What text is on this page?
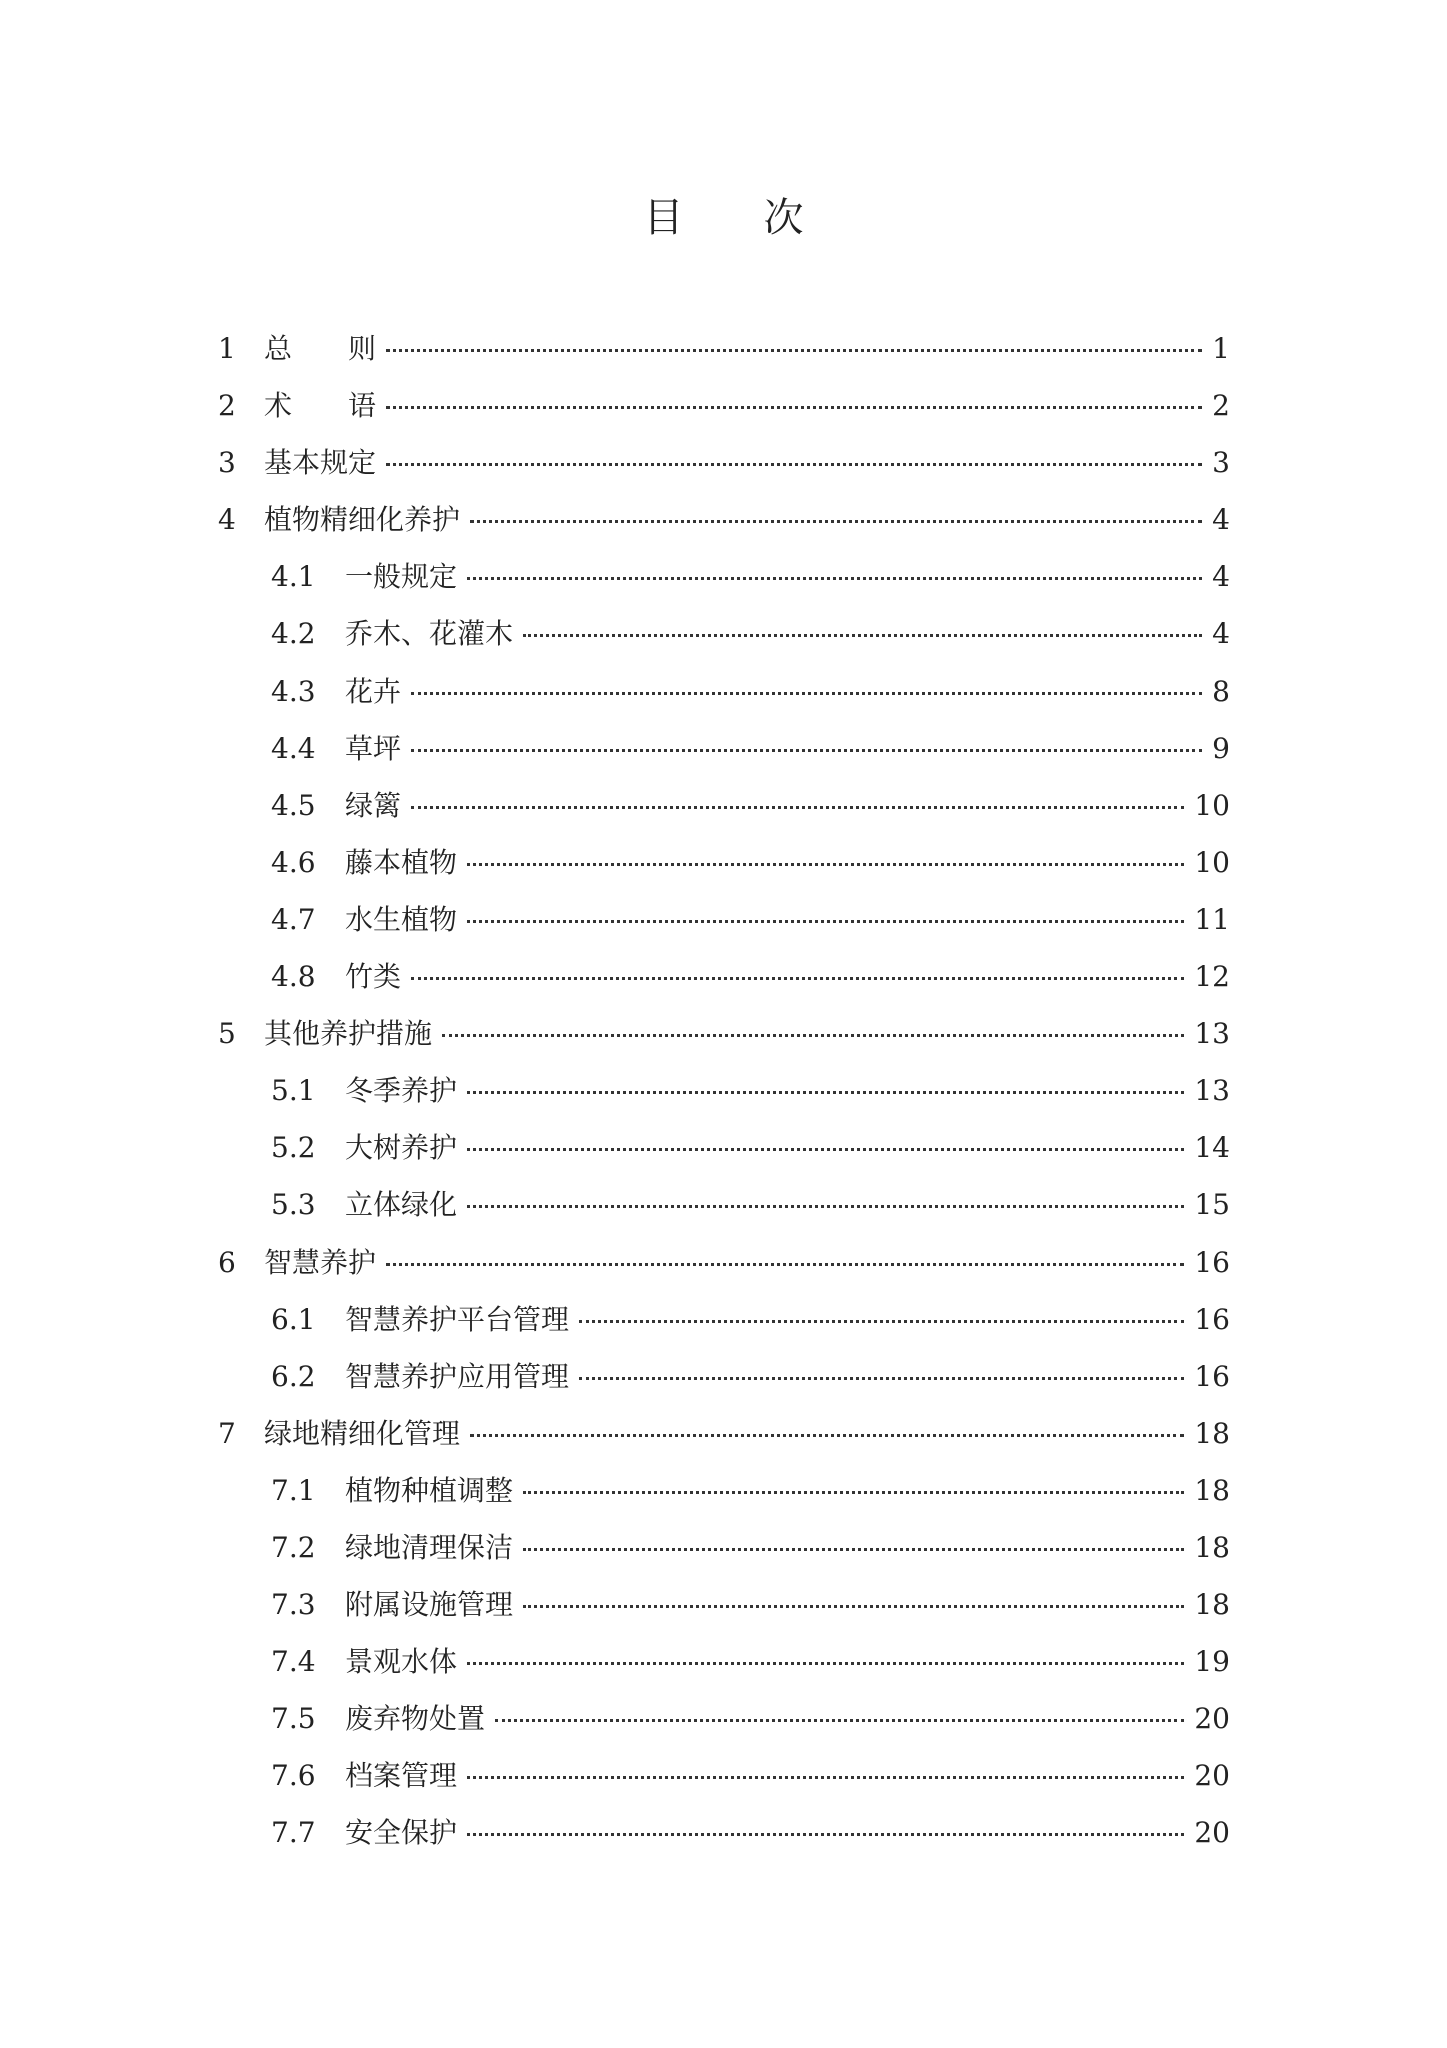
目　　次
1	总　　则	1
2	术　　语	2
3	基本规定	3
4	植物精细化养护	4
4.1	一般规定	4
4.2	乔木、花灌木	4
4.3	花卉	8
4.4	草坪	9
4.5	绿篱	10
4.6	藤本植物	10
4.7	水生植物	11
4.8	竹类	12
5	其他养护措施	13
5.1	冬季养护	13
5.2	大树养护	14
5.3	立体绿化	15
6	智慧养护	16
6.1	智慧养护平台管理	16
6.2	智慧养护应用管理	16
7	绿地精细化管理	18
7.1	植物种植调整	18
7.2	绿地清理保洁	18
7.3	附属设施管理	18
7.4	景观水体	19
7.5	废弃物处置	20
7.6	档案管理	20
7.7	安全保护	20
